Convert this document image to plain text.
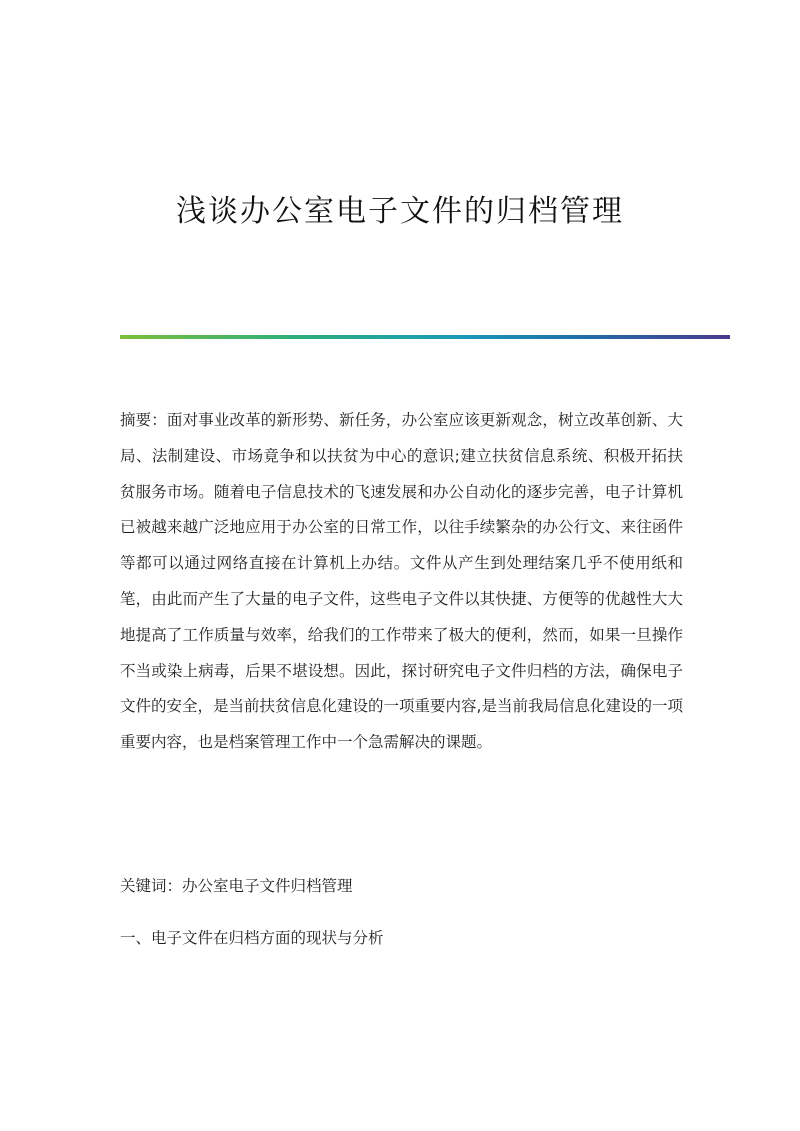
浅谈办公室电子文件的归档管理

摘要：面对事业改革的新形势、新任务，办公室应该更新观念，树立改革创新、大局、法制建设、市场竟争和以扶贫为中心的意识;建立扶贫信息系统、积极开拓扶贫服务市场。随着电子信息技术的飞速发展和办公自动化的逐步完善，电子计算机已被越来越广泛地应用于办公室的日常工作，以往手续繁杂的办公行文、来往函件等都可以通过网络直接在计算机上办结。文件从产生到处理结案几乎不使用纸和笔，由此而产生了大量的电子文件，这些电子文件以其快捷、方便等的优越性大大地提高了工作质量与效率，给我们的工作带来了极大的便利，然而，如果一旦操作不当或染上病毒，后果不堪设想。因此，探讨研究电子文件归档的方法，确保电子文件的安全，是当前扶贫信息化建设的一项重要内容,是当前我局信息化建设的一项重要内容，也是档案管理工作中一个急需解决的课题。

关键词：办公室电子文件归档管理

一、电子文件在归档方面的现状与分析
